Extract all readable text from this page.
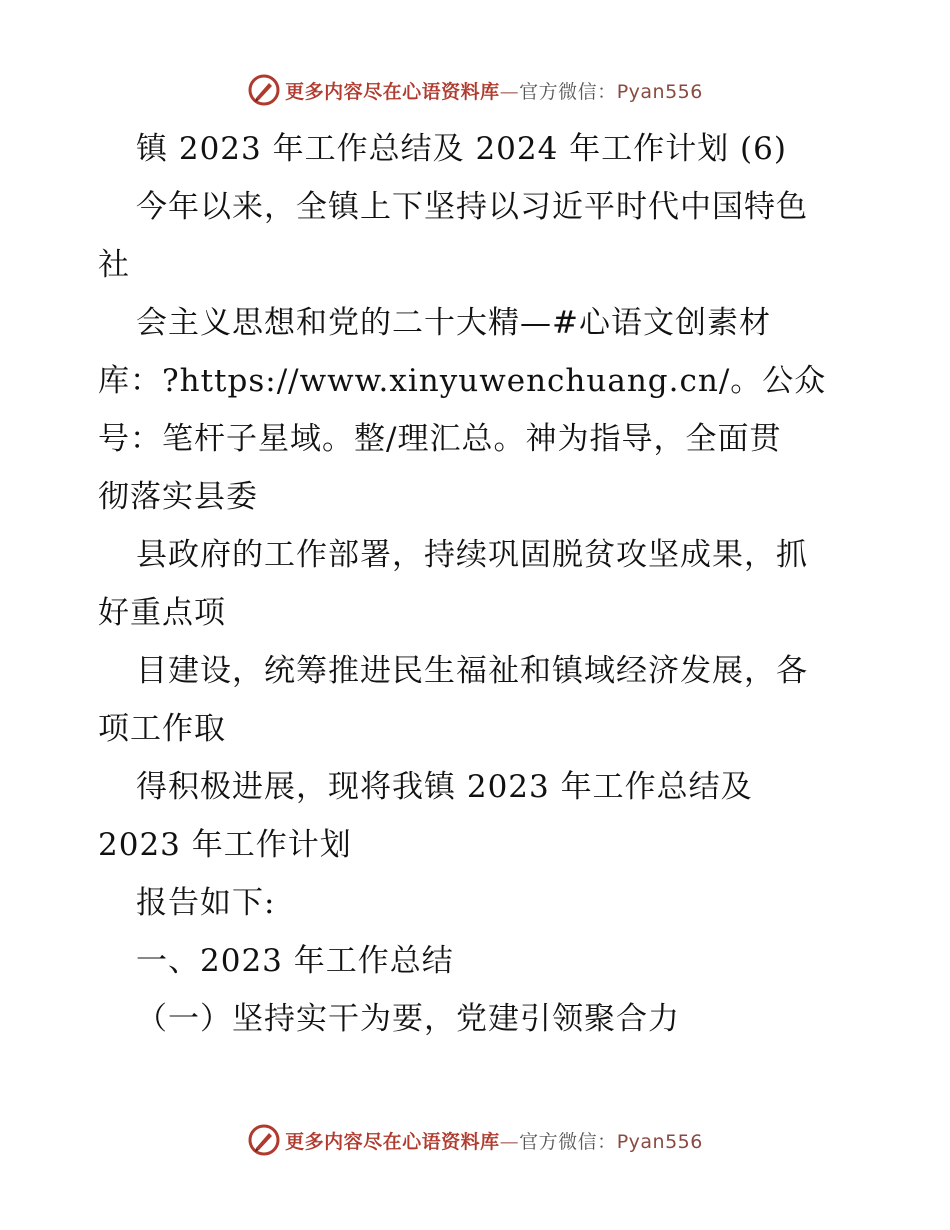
更多内容尽在心语资料库—官方微信：Pyan556
镇 2023 年工作总结及 2024 年工作计划 (6)
今年以来，全镇上下坚持以习近平时代中国特色
社
会主义思想和党的二十大精—#心语文创素材
库：?https://www.xinyuwenchuang.cn/。公众
号：笔杆子星域。整/理汇总。神为指导，全面贯
彻落实县委
县政府的工作部署，持续巩固脱贫攻坚成果，抓
好重点项
目建设，统筹推进民生福祉和镇域经济发展，各
项工作取
得积极进展，现将我镇 2023 年工作总结及
2023 年工作计划
报告如下:
一、2023 年工作总结
（一）坚持实干为要，党建引领聚合力
更多内容尽在心语资料库—官方微信：Pyan556
